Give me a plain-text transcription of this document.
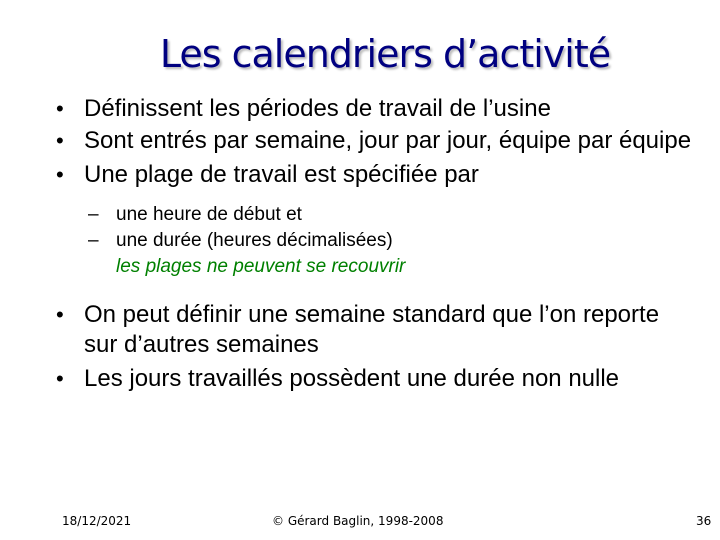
Les calendriers d’activité
• Définissent les périodes de travail de l’usine
• Sont entrés par semaine, jour par jour, équipe par équipe
• Une plage de travail est spécifiée par
– une heure de début et
– une durée (heures décimalisées)
les plages ne peuvent se recouvrir
• On peut définir une semaine standard que l’on reporte sur d’autres semaines
• Les jours travaillés possèdent une durée non nulle
18/12/2021	© Gérard Baglin, 1998-2008	36
